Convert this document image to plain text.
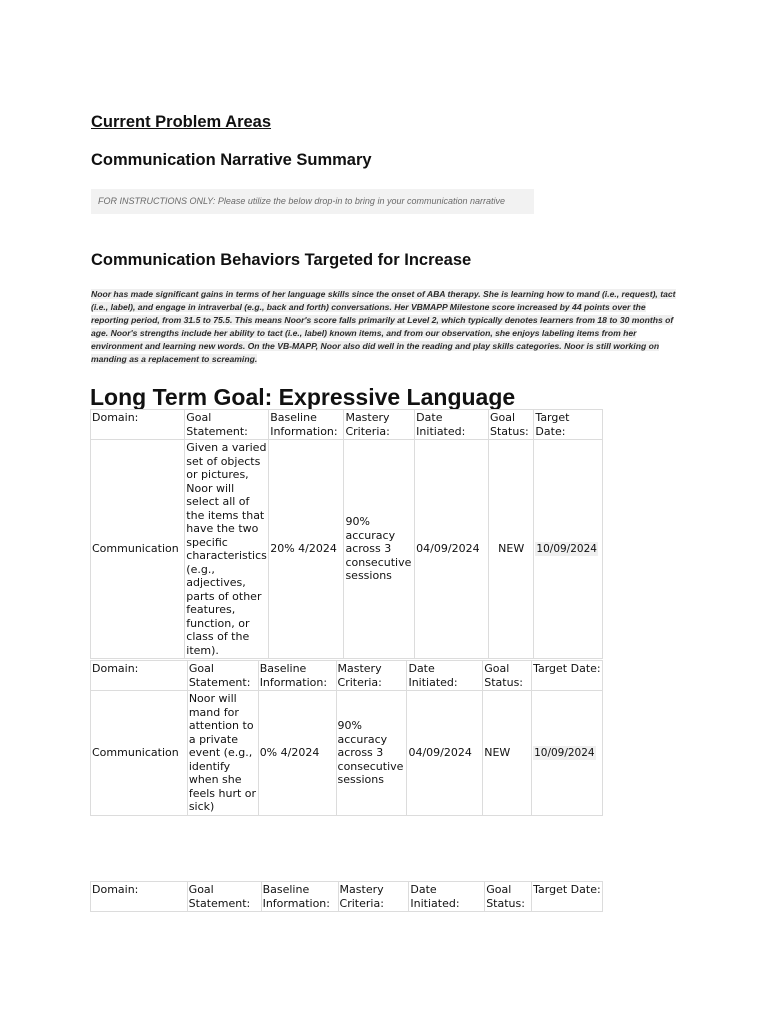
Current Problem Areas
Communication Narrative Summary
FOR INSTRUCTIONS ONLY: Please utilize the below drop-in to bring in your communication narrative
Communication Behaviors Targeted for Increase

Noor has made significant gains in terms of her language skills since the onset of ABA therapy. She is learning how to mand (i.e., request), tact (i.e., label), and engage in intraverbal (e.g., back and forth) conversations. Her VBMAPP Milestone score increased by 44 points over the reporting period, from 31.5 to 75.5. This means Noor's score falls primarily at Level 2, which typically denotes learners from 18 to 30 months of age. Noor's strengths include her ability to tact (i.e., label) known items, and from our observation, she enjoys labeling items from her environment and learning new words. On the VB-MAPP, Noor also did well in the reading and play skills categories. Noor is still working on manding as a replacement to screaming.

Long Term Goal: Expressive Language
Domain:	Goal Statement:	Baseline Information:	Mastery Criteria:	Date Initiated:	Goal Status:	Target Date:
Communication	Given a varied set of objects or pictures, Noor will select all of the items that have the two specific characteristics (e.g., adjectives, parts of other features, function, or class of the item).	20% 4/2024	90% accuracy across 3 consecutive sessions	04/09/2024	NEW	10/09/2024
Domain:	Goal Statement:	Baseline Information:	Mastery Criteria:	Date Initiated:	Goal Status:	Target Date:
Communication	Noor will mand for attention to a private event (e.g., identify when she feels hurt or sick)	0% 4/2024	90% accuracy across 3 consecutive sessions	04/09/2024	NEW	10/09/2024
Domain:	Goal Statement:	Baseline Information:	Mastery Criteria:	Date Initiated:	Goal Status:	Target Date:
